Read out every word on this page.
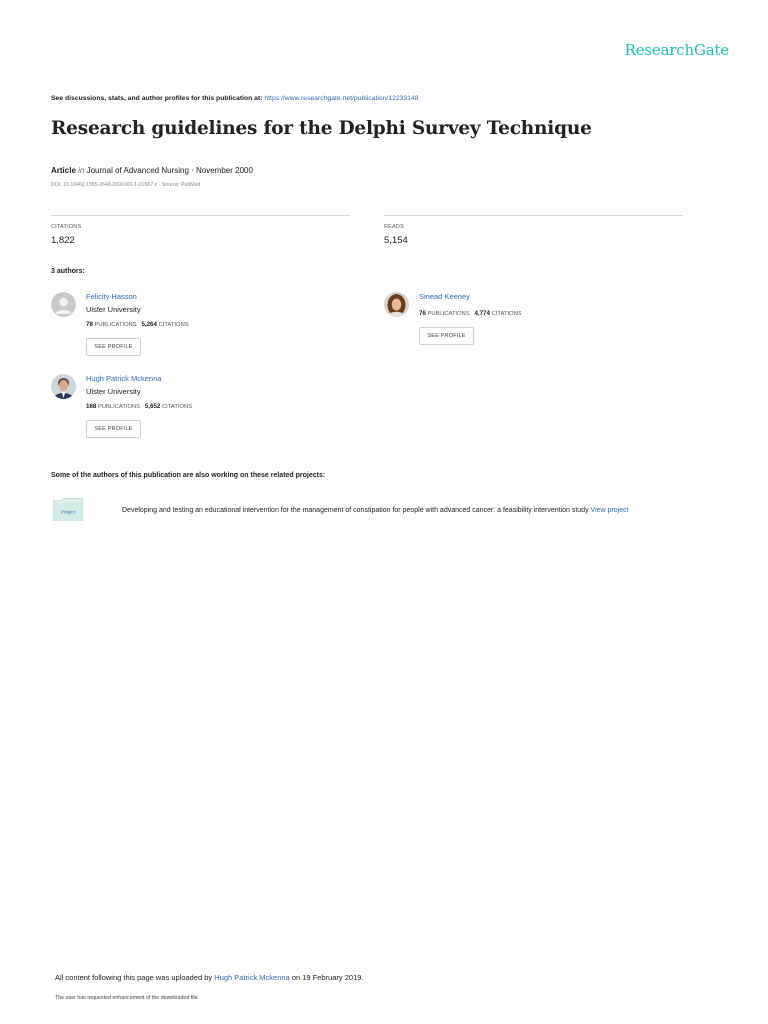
ResearchGate
See discussions, stats, and author profiles for this publication at: https://www.researchgate.net/publication/12233148
Research guidelines for the Delphi Survey Technique
Article in Journal of Advanced Nursing · November 2000
DOI: 10.1046/j.1365-2648.2000.t01-1-01567.x · Source: PubMed
CITATIONS
1,822
READS
5,154
3 authors:
Felicity Hasson
Ulster University
78 PUBLICATIONS 5,264 CITATIONS
SEE PROFILE
Sinead Keeney
76 PUBLICATIONS 4,774 CITATIONS
SEE PROFILE
Hugh Patrick Mckenna
Ulster University
168 PUBLICATIONS 5,652 CITATIONS
SEE PROFILE
Some of the authors of this publication are also working on these related projects:
Project	Developing and testing an educational intervention for the management of constipation for people with advanced cancer: a feasibility intervention study View project
All content following this page was uploaded by Hugh Patrick Mckenna on 19 February 2019.
The user has requested enhancement of the downloaded file.
